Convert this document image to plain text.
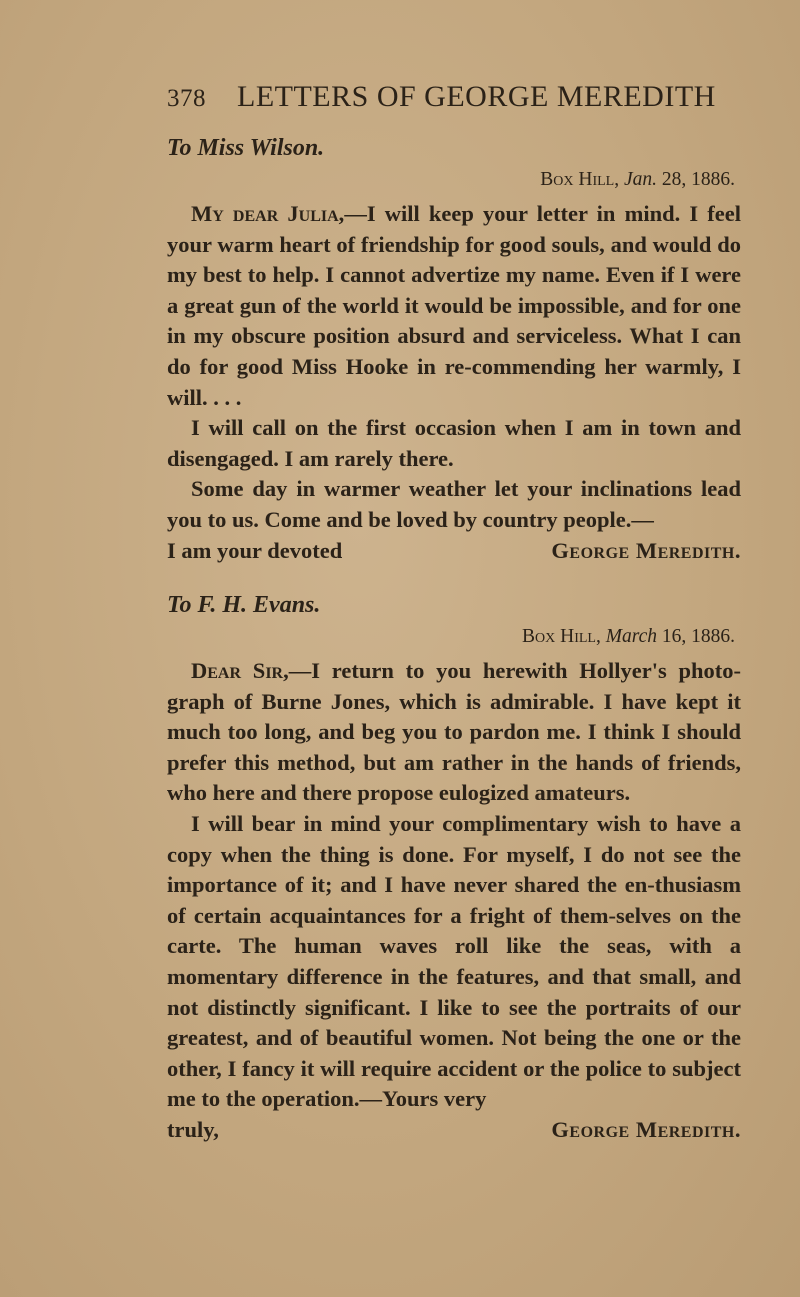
378 LETTERS OF GEORGE MEREDITH
To Miss Wilson.
Box Hill, Jan. 28, 1886.

My dear Julia,—I will keep your letter in mind. I feel your warm heart of friendship for good souls, and would do my best to help. I cannot advertize my name. Even if I were a great gun of the world it would be impossible, and for one in my obscure position absurd and serviceless. What I can do for good Miss Hooke in re-commending her warmly, I will. . . .

I will call on the first occasion when I am in town and disengaged. I am rarely there.

Some day in warmer weather let your inclinations lead you to us. Come and be loved by country people.—

I am your devoted	George Meredith.
To F. H. Evans.
Box Hill, March 16, 1886.

Dear Sir,—I return to you herewith Hollyer's photo-graph of Burne Jones, which is admirable. I have kept it much too long, and beg you to pardon me. I think I should prefer this method, but am rather in the hands of friends, who here and there propose eulogized amateurs.

I will bear in mind your complimentary wish to have a copy when the thing is done. For myself, I do not see the importance of it; and I have never shared the en-thusiasm of certain acquaintances for a fright of them-selves on the carte. The human waves roll like the seas, with a momentary difference in the features, and that small, and not distinctly significant. I like to see the portraits of our greatest, and of beautiful women. Not being the one or the other, I fancy it will require accident or the police to subject me to the operation.—Yours very

truly,	George Meredith.
